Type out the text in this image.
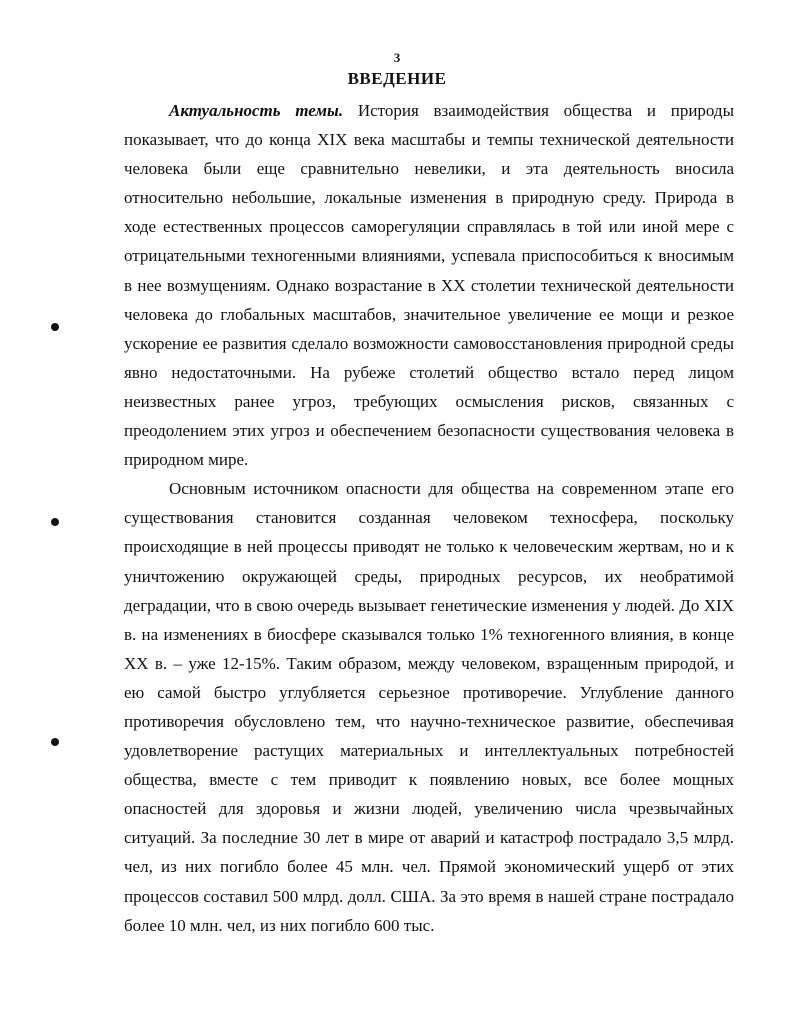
3
ВВЕДЕНИЕ

Актуальность темы. История взаимодействия общества и природы показывает, что до конца XIX века масштабы и темпы технической деятельности человека были еще сравнительно невелики, и эта деятельность вносила относительно небольшие, локальные изменения в природную среду. Природа в ходе естественных процессов саморегуляции справлялась в той или иной мере с отрицательными техногенными влияниями, успевала приспособиться к вносимым в нее возмущениям. Однако возрастание в XX столетии технической деятельности человека до глобальных масштабов, значительное увеличение ее мощи и резкое ускорение ее развития сделало возможности самовосстановления природной среды явно недостаточными. На рубеже столетий общество встало перед лицом неизвестных ранее угроз, требующих осмысления рисков, связанных с преодолением этих угроз и обеспечением безопасности существования человека в природном мире.

Основным источником опасности для общества на современном этапе его существования становится созданная человеком техносфера, поскольку происходящие в ней процессы приводят не только к человеческим жертвам, но и к уничтожению окружающей среды, природных ресурсов, их необратимой деградации, что в свою очередь вызывает генетические изменения у людей. До XIX в. на изменениях в биосфере сказывался только 1% техногенного влияния, в конце XX в. – уже 12-15%. Таким образом, между человеком, взращенным природой, и ею самой быстро углубляется серьезное противоречие. Углубление данного противоречия обусловлено тем, что научно-техническое развитие, обеспечивая удовлетворение растущих материальных и интеллектуальных потребностей общества, вместе с тем приводит к появлению новых, все более мощных опасностей для здоровья и жизни людей, увеличению числа чрезвычайных ситуаций. За последние 30 лет в мире от аварий и катастроф пострадало 3,5 млрд. чел, из них погибло более 45 млн. чел. Прямой экономический ущерб от этих процессов составил 500 млрд. долл. США. За это время в нашей стране пострадало более 10 млн. чел, из них погибло 600 тыс.
